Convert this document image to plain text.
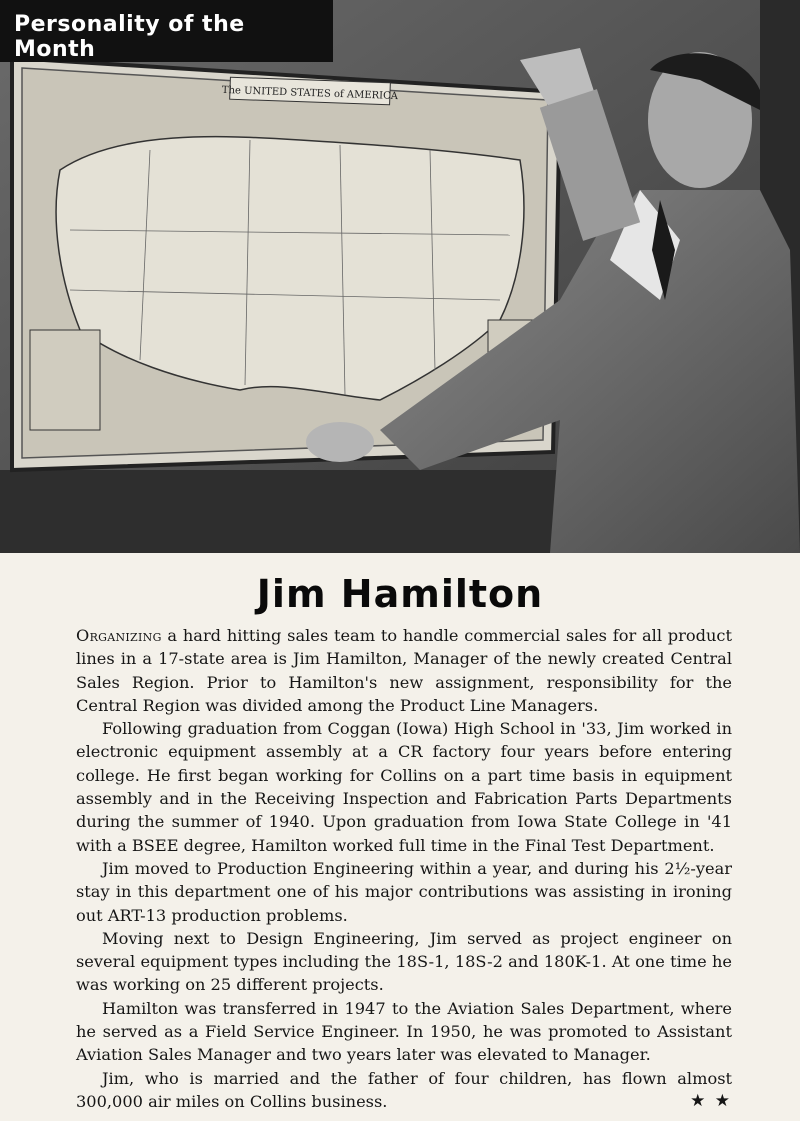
The UNITED STATES of AMERICA
Personality of the Month
Jim Hamilton

Organizing a hard hitting sales team to handle commercial sales for all product lines in a 17-state area is Jim Hamilton, Manager of the newly created Central Sales Region. Prior to Hamilton's new assignment, responsibility for the Central Region was divided among the Product Line Managers.

Following graduation from Coggan (Iowa) High School in '33, Jim worked in electronic equipment assembly at a CR factory four years before entering college. He first began working for Collins on a part time basis in equipment assembly and in the Receiving Inspection and Fabrication Parts Departments during the summer of 1940. Upon graduation from Iowa State College in '41 with a BSEE degree, Hamilton worked full time in the Final Test Department.

Jim moved to Production Engineering within a year, and during his 2½-year stay in this department one of his major contributions was assisting in ironing out ART-13 production problems.

Moving next to Design Engineering, Jim served as project engineer on several equipment types including the 18S-1, 18S-2 and 180K-1. At one time he was working on 25 different projects.

Hamilton was transferred in 1947 to the Aviation Sales Department, where he served as a Field Service Engineer. In 1950, he was promoted to Assistant Aviation Sales Manager and two years later was elevated to Manager.

Jim, who is married and the father of four children, has flown almost 300,000 air miles on Collins business.	★ ★
